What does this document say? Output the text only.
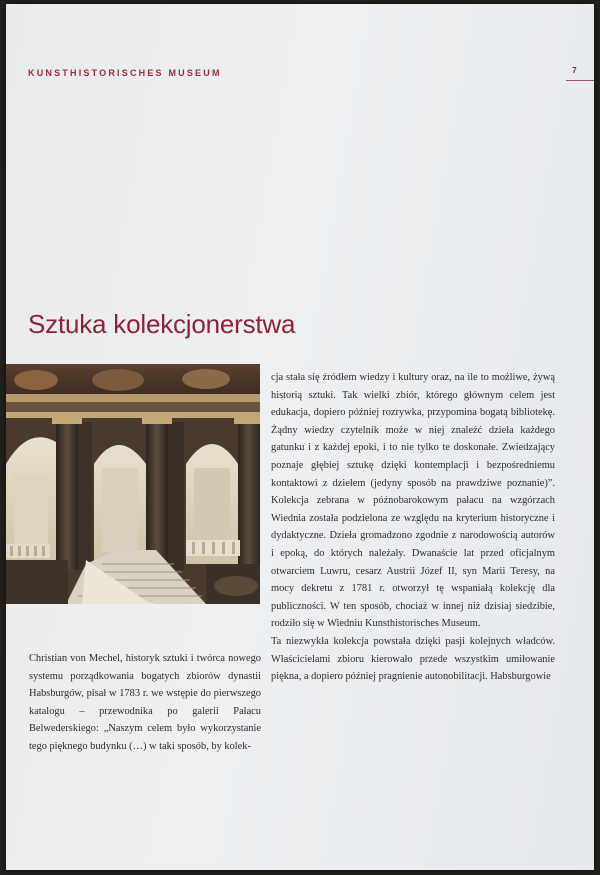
KUNSTHISTORISCHES MUSEUM	7
Sztuka kolekcjonerstwa

cja stała się źródłem wiedzy i kultury oraz, na ile to możliwe, żywą historią sztuki. Tak wielki zbiór, którego głównym celem jest edukacja, dopiero później rozrywka, przypomina bogatą bibliotekę. Żądny wiedzy czytelnik może w niej znaleźć dzieła każdego gatunku i z każdej epoki, i to nie tylko te doskonałe. Zwiedzający poznaje głębiej sztukę dzięki kontemplacji i bezpośredniemu kontaktowi z dziełem (jedyny sposób na prawdziwe poznanie)”. Kolekcja zebrana w późnobarokowym pałacu na wzgórzach Wiednia została podzielona ze względu na kryterium historyczne i dydaktyczne. Dzieła gromadzono zgodnie z narodowością autorów i epoką, do których należały. Dwanaście lat przed oficjalnym otwarciem Luwru, cesarz Austrii Józef II, syn Marii Teresy, na mocy dekretu z 1781 r. otworzył tę wspaniałą kolekcję dla publiczności. W ten sposób, chociaż w innej niż dzisiaj siedzibie, rodziło się w Wiedniu Kunsthistorisches Museum.

Ta niezwykła kolekcja powstała dzięki pasji kolejnych władców. Właścicielami zbioru kierowało przede wszystkim umiłowanie piękna, a dopiero później pragnienie autonobilitacji. Habsburgowie

Christian von Mechel, historyk sztuki i twórca nowego systemu porządkowania bogatych zbiorów dynastii Habsburgów, pisał w 1783 r. we wstępie do pierwszego katalogu – przewodnika po galerii Pałacu Belwederskiego: „Naszym celem było wykorzystanie tego pięknego budynku (…) w taki sposób, by kolek-
